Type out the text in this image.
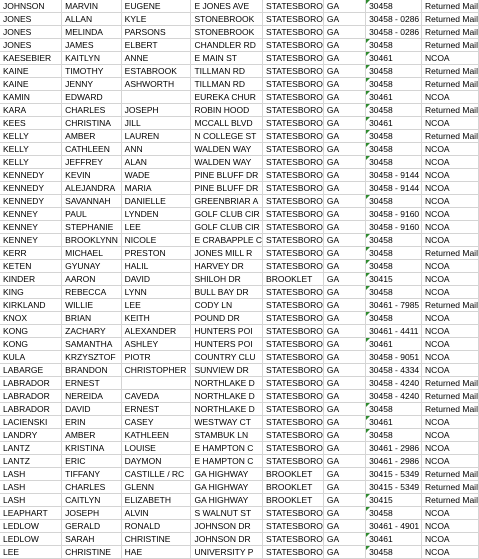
JOHNSON	MARVIN	EUGENE	E JONES AVE	STATESBORO	GA	30458	Returned Mail
JONES	ALLAN	KYLE	STONEBROOK	STATESBORO	GA	30458 - 0286	Returned Mail
JONES	MELINDA	PARSONS	STONEBROOK	STATESBORO	GA	30458 - 0286	Returned Mail
JONES	JAMES	ELBERT	CHANDLER RD	STATESBORO	GA	30458	Returned Mail
KAESEBIER	KAITLYN	ANNE	E MAIN ST	STATESBORO	GA	30461	NCOA
KAINE	TIMOTHY	ESTABROOK	TILLMAN RD	STATESBORO	GA	30458	Returned Mail
KAINE	JENNY	ASHWORTH	TILLMAN RD	STATESBORO	GA	30458	Returned Mail
KAMIN	EDWARD		EUREKA CHUR	STATESBORO	GA	30461	NCOA
KARA	CHARLES	JOSEPH	ROBIN HOOD	STATESBORO	GA	30458	Returned Mail
KEES	CHRISTINA	JILL	MCCALL BLVD	STATESBORO	GA	30461	NCOA
KELLY	AMBER	LAUREN	N COLLEGE ST	STATESBORO	GA	30458	Returned Mail
KELLY	CATHLEEN	ANN	WALDEN WAY	STATESBORO	GA	30458	NCOA
KELLY	JEFFREY	ALAN	WALDEN WAY	STATESBORO	GA	30458	NCOA
KENNEDY	KEVIN	WADE	PINE BLUFF DR	STATESBORO	GA	30458 - 9144	NCOA
KENNEDY	ALEJANDRA	MARIA	PINE BLUFF DR	STATESBORO	GA	30458 - 9144	NCOA
KENNEDY	SAVANNAH	DANIELLE	GREENBRIAR A	STATESBORO	GA	30458	NCOA
KENNEY	PAUL	LYNDEN	GOLF CLUB CIR	STATESBORO	GA	30458 - 9160	NCOA
KENNEY	STEPHANIE	LEE	GOLF CLUB CIR	STATESBORO	GA	30458 - 9160	NCOA
KENNEY	BROOKLYNN	NICOLE	E CRABAPPLE C	STATESBORO	GA	30458	NCOA
KERR	MICHAEL	PRESTON	JONES MILL R	STATESBORO	GA	30458	Returned Mail
KETEN	GYUNAY	HALIL	HARVEY DR	STATESBORO	GA	30458	NCOA
KINDER	AARON	DAVID	SHILOH DR	BROOKLET	GA	30415	NCOA
KING	REBECCA	LYNN	BULL BAY DR	STATESBORO	GA	30458	NCOA
KIRKLAND	WILLIE	LEE	CODY LN	STATESBORO	GA	30461 - 7985	Returned Mail
KNOX	BRIAN	KEITH	POUND DR	STATESBORO	GA	30458	NCOA
KONG	ZACHARY	ALEXANDER	HUNTERS POI	STATESBORO	GA	30461 - 4411	NCOA
KONG	SAMANTHA	ASHLEY	HUNTERS POI	STATESBORO	GA	30461	NCOA
KULA	KRZYSZTOF	PIOTR	COUNTRY CLU	STATESBORO	GA	30458 - 9051	NCOA
LABARGE	BRANDON	CHRISTOPHER	SUNVIEW DR	STATESBORO	GA	30458 - 4334	NCOA
LABRADOR	ERNEST		NORTHLAKE D	STATESBORO	GA	30458 - 4240	Returned Mail
LABRADOR	NEREIDA	CAVEDA	NORTHLAKE D	STATESBORO	GA	30458 - 4240	Returned Mail
LABRADOR	DAVID	ERNEST	NORTHLAKE D	STATESBORO	GA	30458	Returned Mail
LACIENSKI	ERIN	CASEY	WESTWAY CT	STATESBORO	GA	30461	NCOA
LANDRY	AMBER	KATHLEEN	STAMBUK LN	STATESBORO	GA	30458	NCOA
LANTZ	KRISTINA	LOUISE	E HAMPTON C	STATESBORO	GA	30461 - 2986	NCOA
LANTZ	ERIC	DAYMON	E HAMPTON C	STATESBORO	GA	30461 - 2986	NCOA
LASH	TIFFANY	CASTILLE / RC	GA HIGHWAY	BROOKLET	GA	30415 - 5349	Returned Mail
LASH	CHARLES	GLENN	GA HIGHWAY	BROOKLET	GA	30415 - 5349	Returned Mail
LASH	CAITLYN	ELIZABETH	GA HIGHWAY	BROOKLET	GA	30415	Returned Mail
LEAPHART	JOSEPH	ALVIN	S WALNUT ST	STATESBORO	GA	30458	NCOA
LEDLOW	GERALD	RONALD	JOHNSON DR	STATESBORO	GA	30461 - 4901	NCOA
LEDLOW	SARAH	CHRISTINE	JOHNSON DR	STATESBORO	GA	30461	NCOA
LEE	CHRISTINE	HAE	UNIVERSITY P	STATESBORO	GA	30458	NCOA
